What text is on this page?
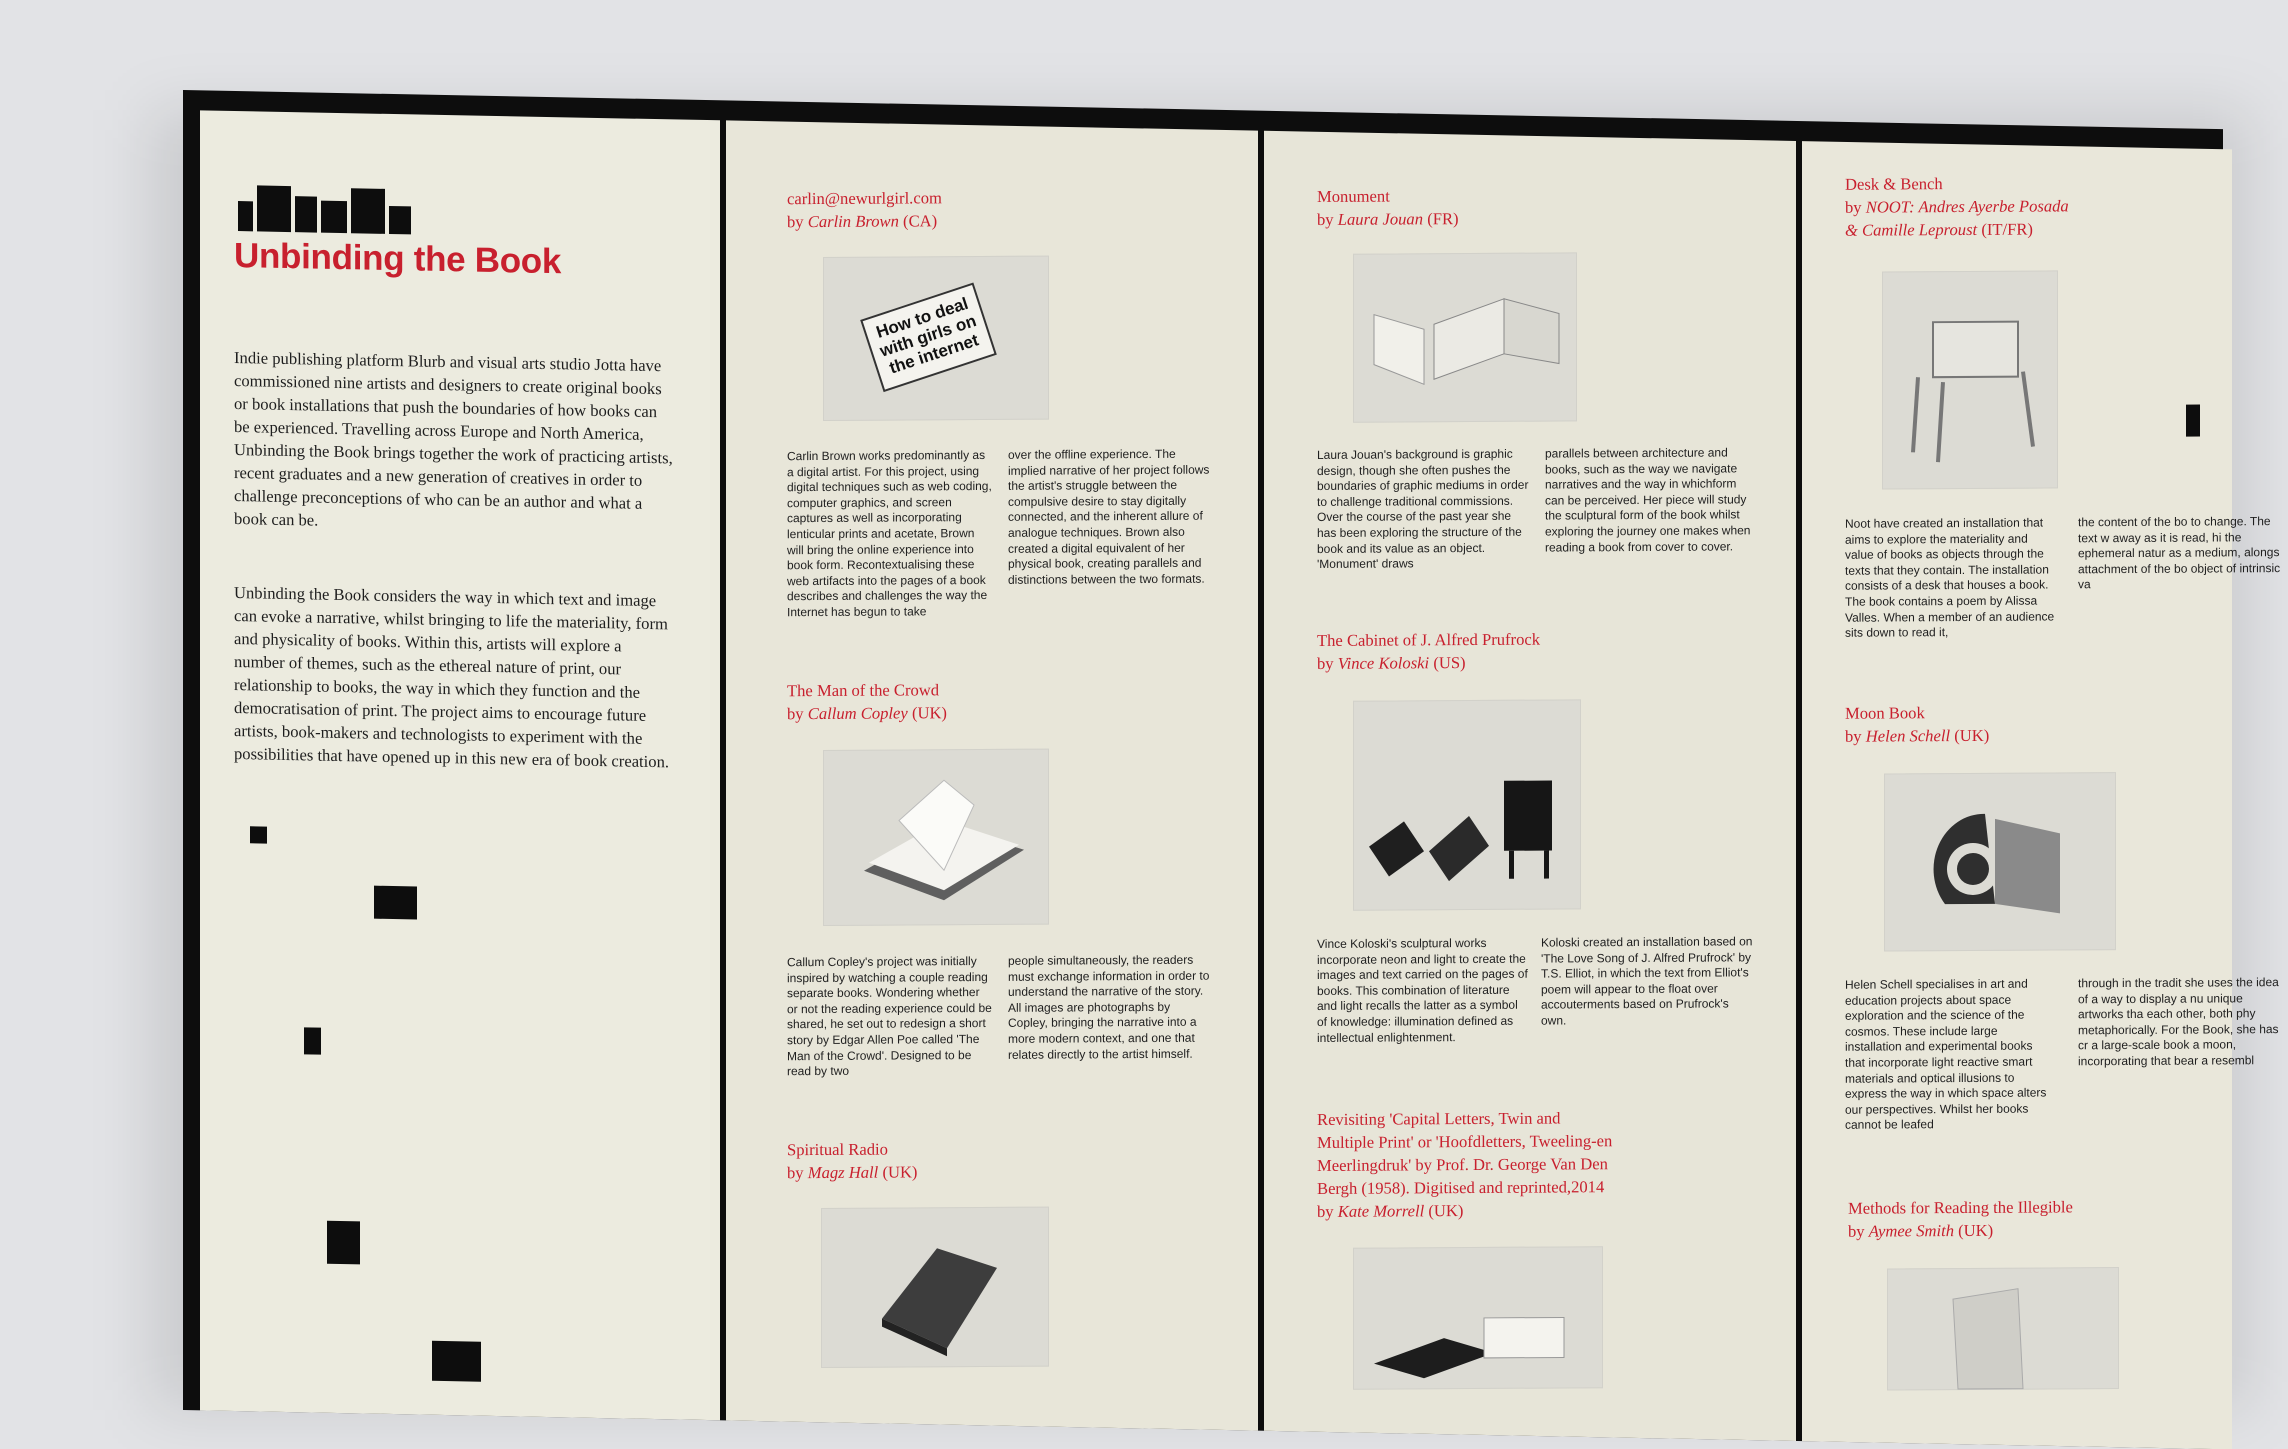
Unbinding the Book

Indie publishing platform Blurb and visual arts studio Jotta have commissioned nine artists and designers to create original books or book installations that push the boundaries of how books can be experienced. Travelling across Europe and North America, Unbinding the Book brings together the work of practicing artists, recent graduates and a new generation of creatives in order to challenge preconceptions of who can be an author and what a book can be.

Unbinding the Book considers the way in which text and image can evoke a narrative, whilst bringing to life the materiality, form and physicality of books. Within this, artists will explore a number of themes, such as the ethereal nature of print, our relationship to books, the way in which they function and the democratisation of print. The project aims to encourage future artists, book-makers and technologists to experiment with the possibilities that have opened up in this new era of book creation.

carlin@newurlgirl.com
by Carlin Brown (CA)
How to deal with girls on the internet

Carlin Brown works predominantly as a digital artist. For this project, using digital techniques such as web coding, computer graphics, and screen captures as well as incorporating lenticular prints and acetate, Brown will bring the online experience into book form. Recontextualising these web artifacts into the pages of a book describes and challenges the way the Internet has begun to take

over the offline experience. The implied narrative of her project follows the artist's struggle between the compulsive desire to stay digitally connected, and the inherent allure of analogue techniques. Brown also created a digital equivalent of her physical book, creating parallels and distinctions between the two formats.

The Man of the Crowd
by Callum Copley (UK)

Callum Copley's project was initially inspired by watching a couple reading separate books. Wondering whether or not the reading experience could be shared, he set out to redesign a short story by Edgar Allen Poe called 'The Man of the Crowd'. Designed to be read by two

people simultaneously, the readers must exchange information in order to understand the narrative of the story. All images are photographs by Copley, bringing the narrative into a more modern context, and one that relates directly to the artist himself.

Spiritual Radio
by Magz Hall (UK)
Monument
by Laura Jouan (FR)

Laura Jouan's background is graphic design, though she often pushes the boundaries of graphic mediums in order to challenge traditional commissions. Over the course of the past year she has been exploring the structure of the book and its value as an object. 'Monument' draws

parallels between architecture and books, such as the way we navigate narratives and the way in whichform can be perceived. Her piece will study the sculptural form of the book whilst exploring the journey one makes when reading a book from cover to cover.

The Cabinet of J. Alfred Prufrock
by Vince Koloski (US)

Vince Koloski's sculptural works incorporate neon and light to create the images and text carried on the pages of books. This combination of literature and light recalls the latter as a symbol of knowledge: illumination defined as intellectual enlightenment.

Koloski created an installation based on 'The Love Song of J. Alfred Prufrock' by T.S. Elliot, in which the text from Elliot's poem will appear to the float over accouterments based on Prufrock's own.

Revisiting 'Capital Letters, Twin and
Multiple Print' or 'Hoofdletters, Tweeling-en
Meerlingdruk' by Prof. Dr. George Van Den
Bergh (1958). Digitised and reprinted,2014
by Kate Morrell (UK)
Desk & Bench
by NOOT: Andres Ayerbe Posada
& Camille Leproust (IT/FR)

Noot have created an installation that aims to explore the materiality and value of books as objects through the texts that they contain. The installation consists of a desk that houses a book. The book contains a poem by Alissa Valles. When a member of an audience sits down to read it,

the content of the bo to change. The text w away as it is read, hi the ephemeral natur as a medium, alongs attachment of the bo object of intrinsic va

Moon Book
by Helen Schell (UK)

Helen Schell specialises in art and education projects about space exploration and the science of the cosmos. These include large installation and experimental books that incorporate light reactive smart materials and optical illusions to express the way in which space alters our perspectives. Whilst her books cannot be leafed

through in the tradit she uses the idea of a way to display a nu unique artworks tha each other, both phy metaphorically. For the Book, she has cr a large-scale book a moon, incorporating that bear a resembl

Methods for Reading the Illegible
by Aymee Smith (UK)
